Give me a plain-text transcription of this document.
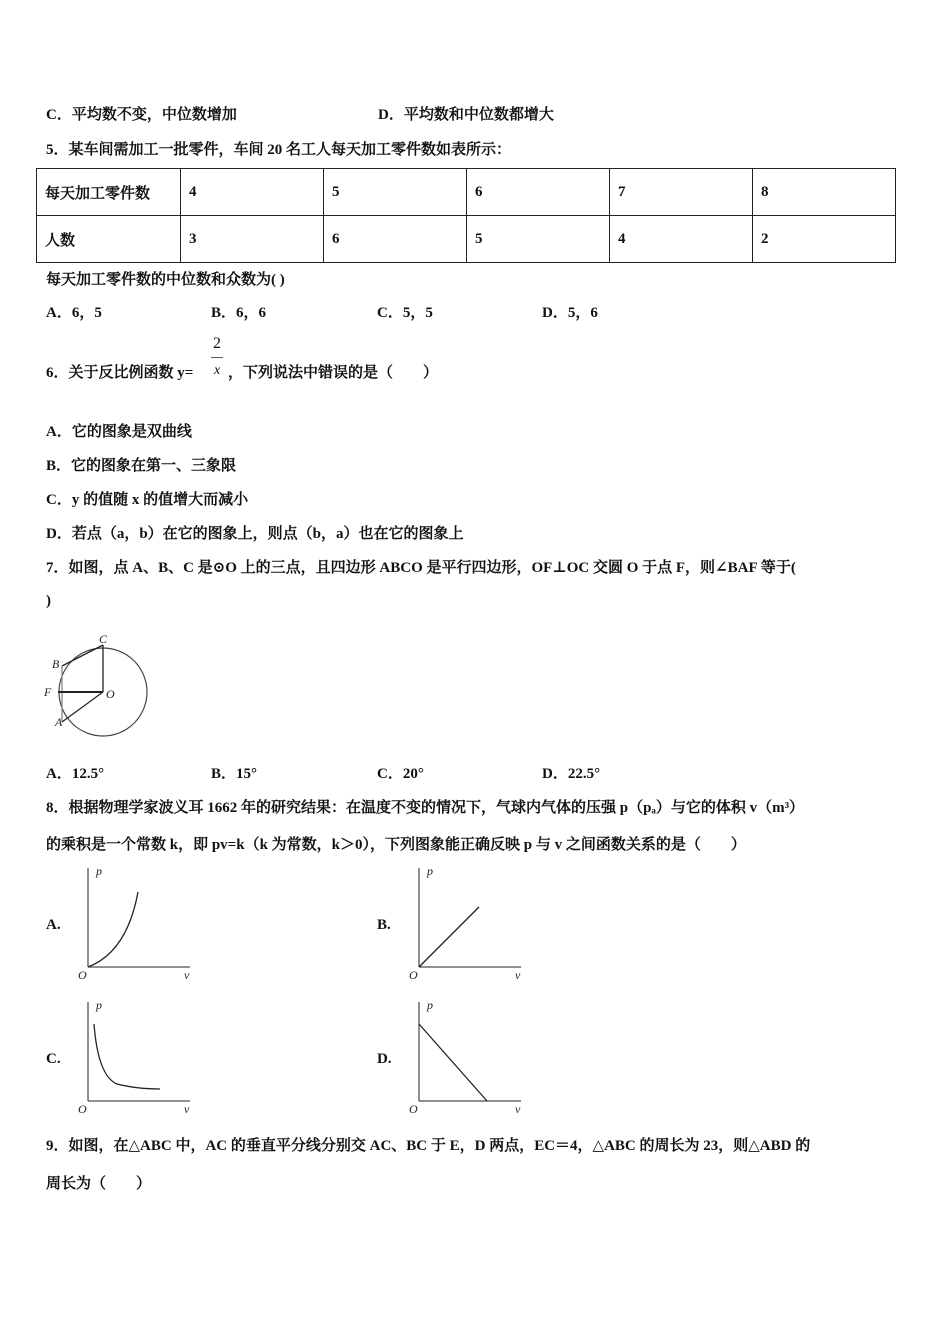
C．平均数不变，中位数增加	D．平均数和中位数都增大
5．某车间需加工一批零件，车间 20 名工人每天加工零件数如表所示：
每天加工零件数	4	5	6	7	8
人数	3	6	5	4	2
每天加工零件数的中位数和众数为( )
A．6，5	B．6，6	C．5，5	D．5，6
6．关于反比例函数 y=
2
x ，下列说法中错误的是（　　）
A．它的图象是双曲线
B．它的图象在第一、三象限
C．y 的值随 x 的值增大而减小
D．若点（a，b）在它的图象上，则点（b，a）也在它的图象上
7．如图，点 A、B、C 是⊙O 上的三点，且四边形 ABCO 是平行四边形，OF⊥OC 交圆 O 于点 F，则∠BAF 等于(
)
C
B
F	O
A
A．12.5°	B．15°	C．20°	D．22.5°
8．根据物理学家波义耳 1662 年的研究结果：在温度不变的情况下，气球内气体的压强 p（pₐ）与它的体积 v（m³）
的乘积是一个常数 k，即 pv=k（k 为常数，k＞0），下列图象能正确反映 p 与 v 之间函数关系的是（　　）
A.	B.
C.	D.
p
O	v
p
O	v
p
O	v
p
O	v
9．如图，在△ABC 中，AC 的垂直平分线分别交 AC、BC 于 E，D 两点，EC＝4，△ABC 的周长为 23，则△ABD 的
周长为（　　）
